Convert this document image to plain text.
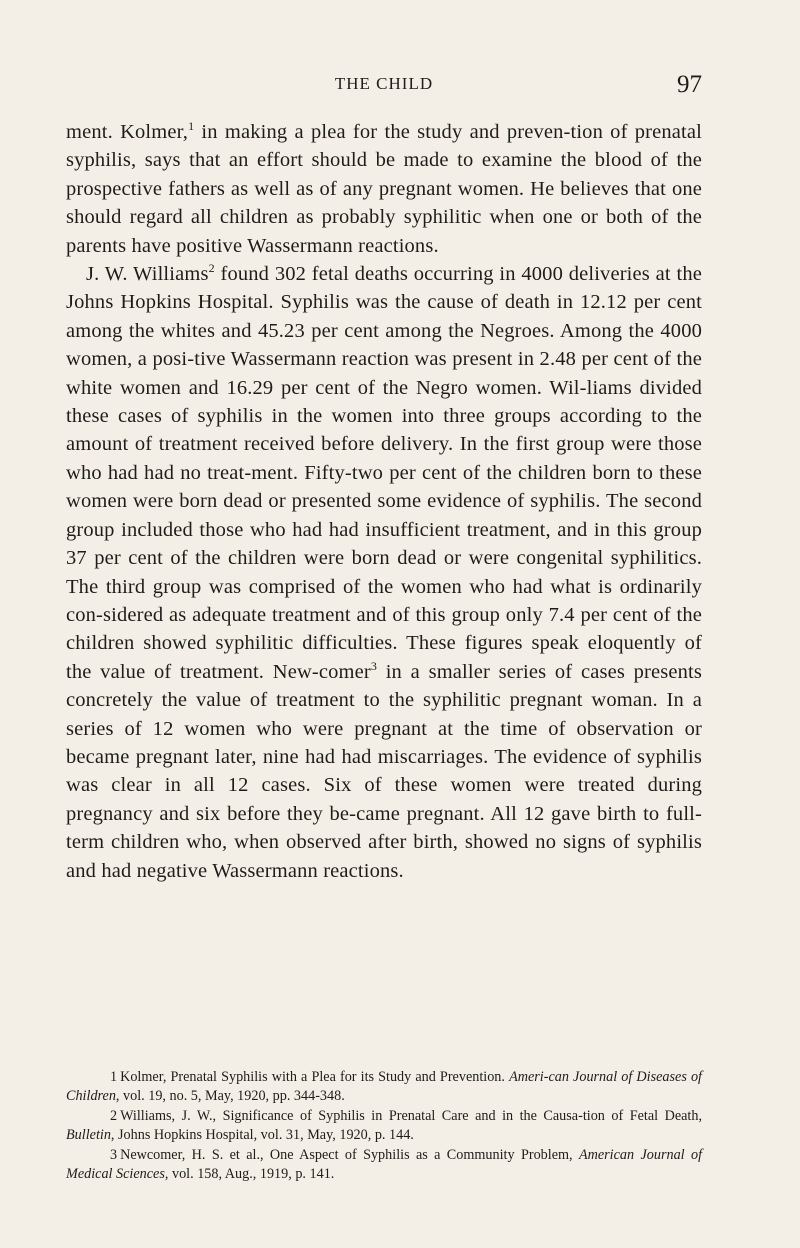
THE CHILD	97

ment. Kolmer,$^1$ in making a plea for the study and preven-tion of prenatal syphilis, says that an effort should be made to examine the blood of the prospective fathers as well as of any pregnant women. He believes that one should regard all children as probably syphilitic when one or both of the parents have positive Wassermann reactions.

J. W. Williams$^2$ found 302 fetal deaths occurring in 4000 deliveries at the Johns Hopkins Hospital. Syphilis was the cause of death in 12.12 per cent among the whites and 45.23 per cent among the Negroes. Among the 4000 women, a posi-tive Wassermann reaction was present in 2.48 per cent of the white women and 16.29 per cent of the Negro women. Wil-liams divided these cases of syphilis in the women into three groups according to the amount of treatment received before delivery. In the first group were those who had had no treat-ment. Fifty-two per cent of the children born to these women were born dead or presented some evidence of syphilis. The second group included those who had had insufficient treatment, and in this group 37 per cent of the children were born dead or were congenital syphilitics. The third group was comprised of the women who had what is ordinarily con-sidered as adequate treatment and of this group only 7.4 per cent of the children showed syphilitic difficulties. These figures speak eloquently of the value of treatment. New-comer$^3$ in a smaller series of cases presents concretely the value of treatment to the syphilitic pregnant woman. In a series of 12 women who were pregnant at the time of observation or became pregnant later, nine had had miscarriages. The evidence of syphilis was clear in all 12 cases. Six of these women were treated during pregnancy and six before they be-came pregnant. All 12 gave birth to full-term children who, when observed after birth, showed no signs of syphilis and had negative Wassermann reactions.

1 Kolmer, Prenatal Syphilis with a Plea for its Study and Prevention. Ameri-can Journal of Diseases of Children, vol. 19, no. 5, May, 1920, pp. 344-348.

2 Williams, J. W., Significance of Syphilis in Prenatal Care and in the Causa-tion of Fetal Death, Bulletin, Johns Hopkins Hospital, vol. 31, May, 1920, p. 144.

3 Newcomer, H. S. et al., One Aspect of Syphilis as a Community Problem, American Journal of Medical Sciences, vol. 158, Aug., 1919, p. 141.
